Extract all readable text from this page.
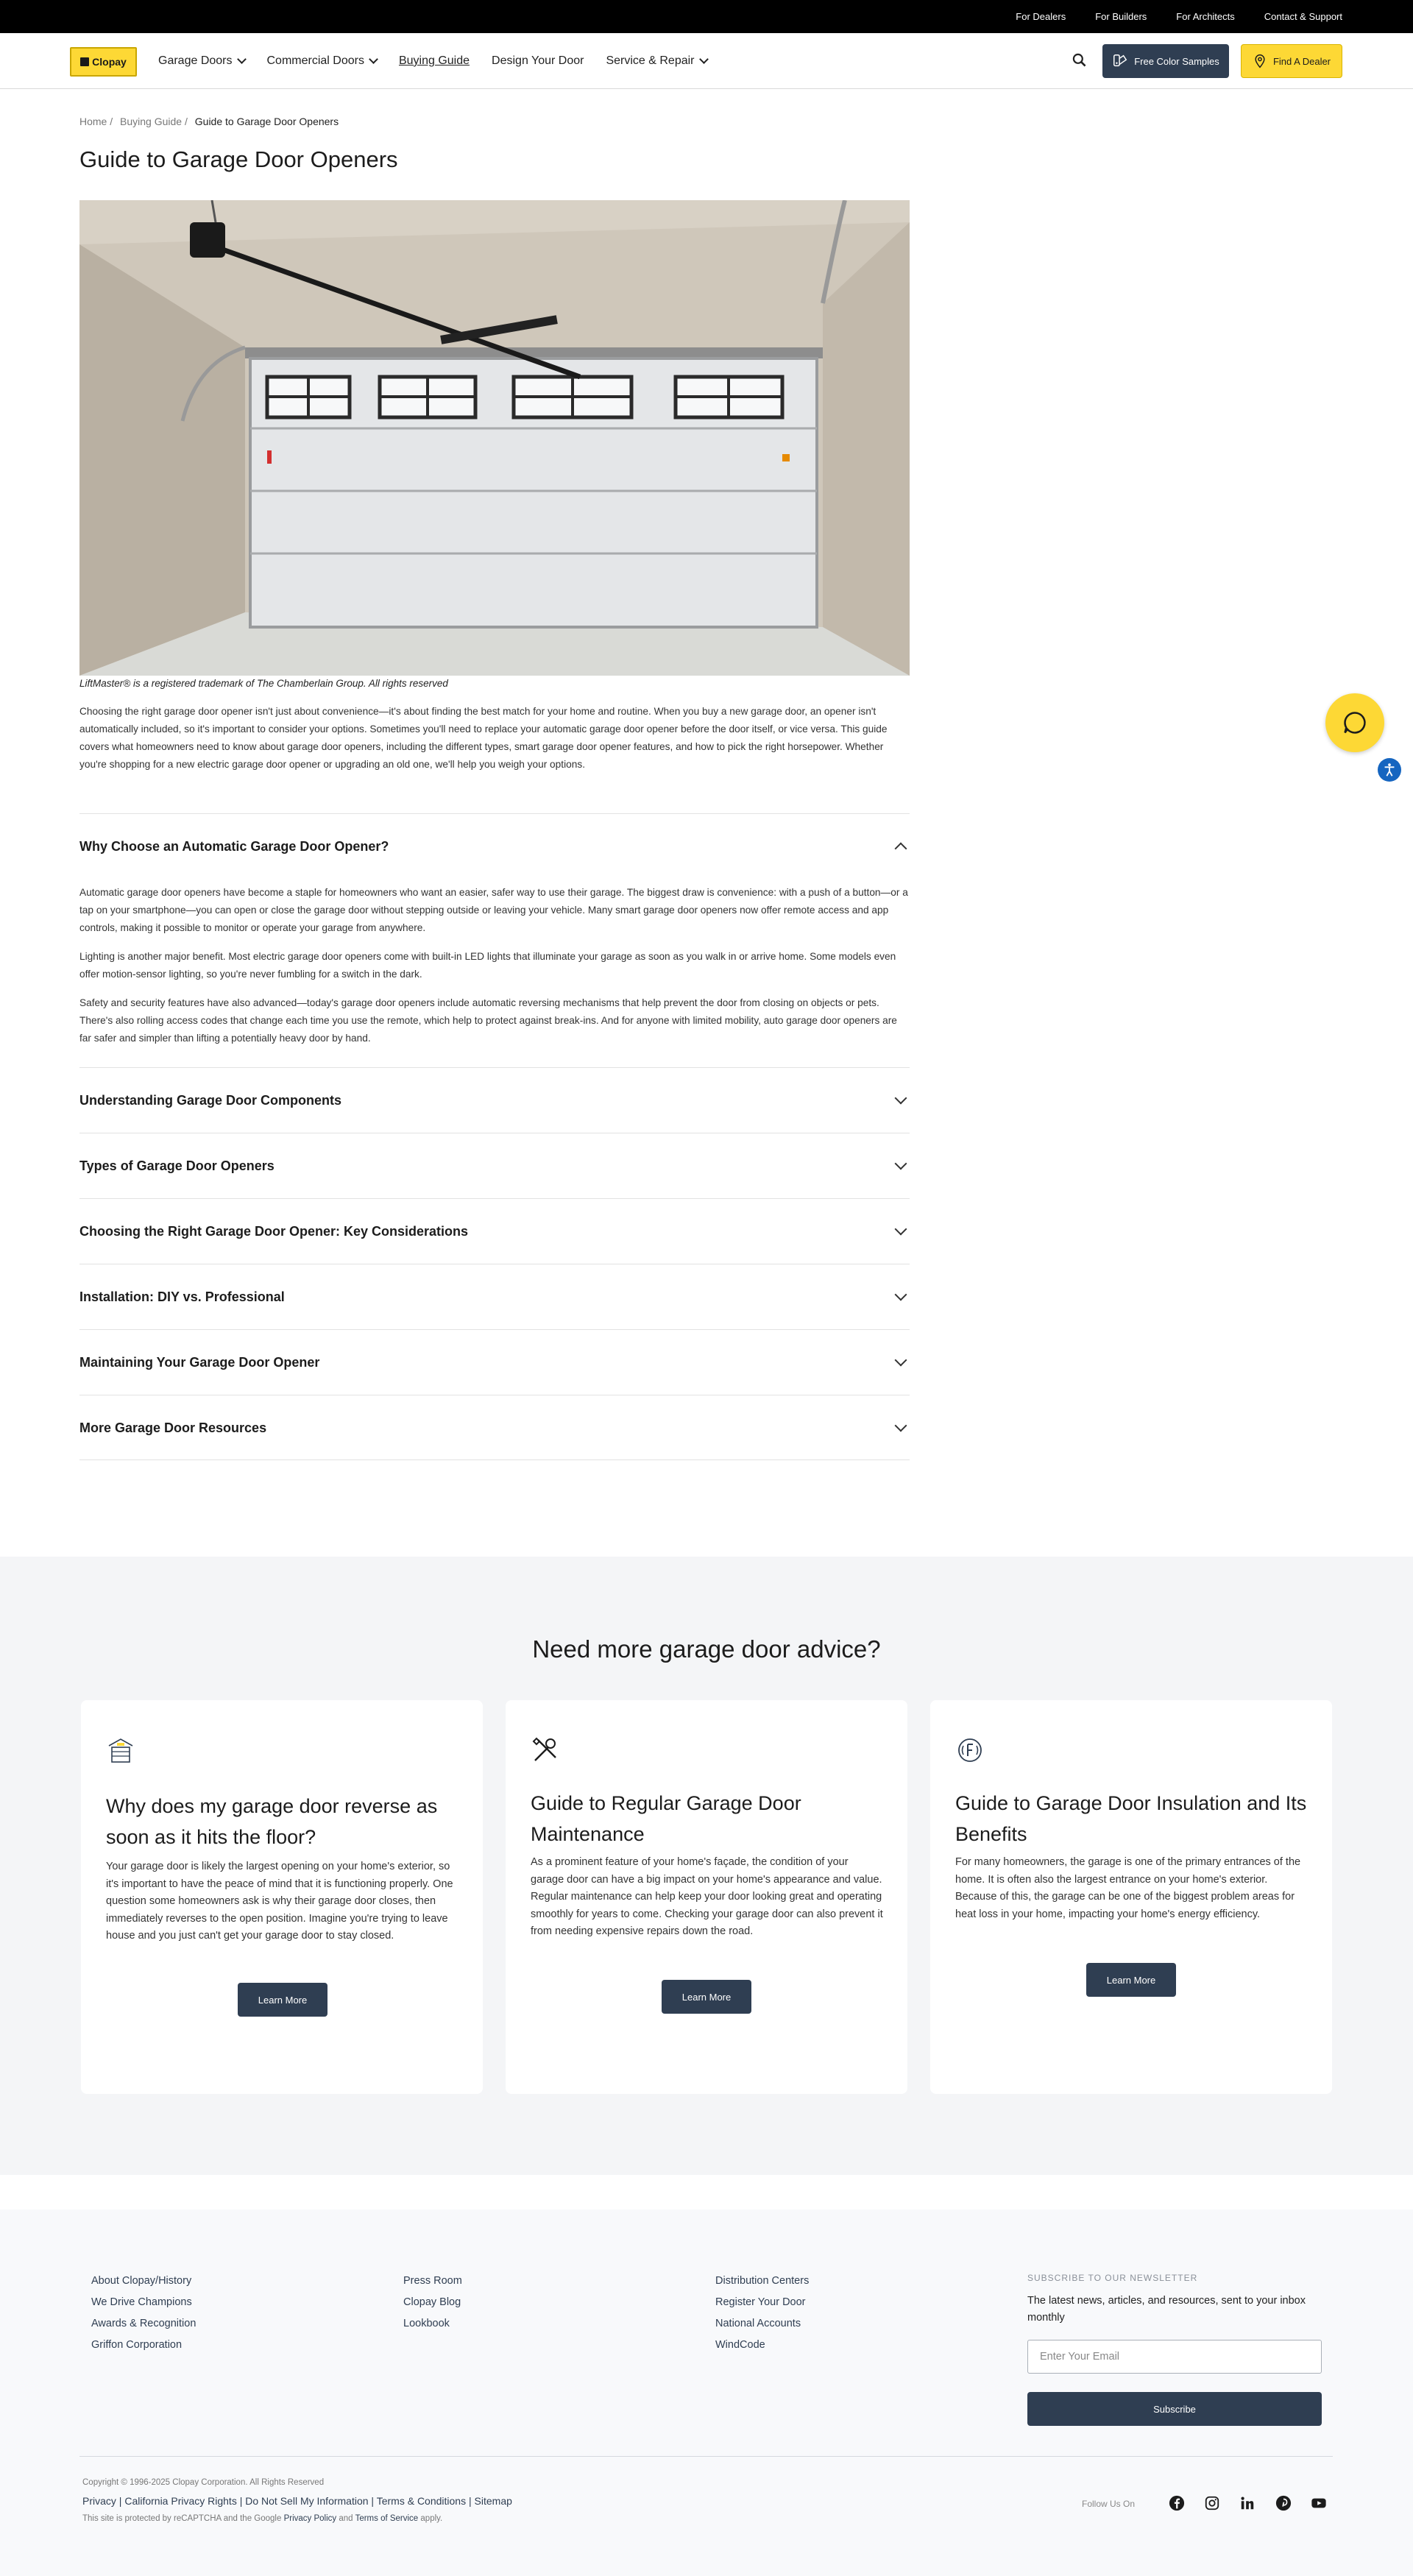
For Dealers	For Builders	For Architects	Contact & Support
Clopay	Garage Doors	Commercial Doors	Buying Guide Design Your Door Service & Repair	Free Color Samples	Find A Dealer
Home / Buying Guide / Guide to Garage Door Openers
Guide to Garage Door Openers

LiftMaster® is a registered trademark of The Chamberlain Group. All rights reserved

Choosing the right garage door opener isn't just about convenience—it's about finding the best match for your home and routine. When you buy a new garage door, an opener isn't automatically included, so it's important to consider your options. Sometimes you'll need to replace your automatic garage door opener before the door itself, or vice versa. This guide covers what homeowners need to know about garage door openers, including the different types, smart garage door opener features, and how to pick the right horsepower. Whether you're shopping for a new electric garage door opener or upgrading an old one, we'll help you weigh your options.

Why Choose an Automatic Garage Door Opener?

Automatic garage door openers have become a staple for homeowners who want an easier, safer way to use their garage. The biggest draw is convenience: with a push of a button—or a tap on your smartphone—you can open or close the garage door without stepping outside or leaving your vehicle. Many smart garage door openers now offer remote access and app controls, making it possible to monitor or operate your garage from anywhere.

Lighting is another major benefit. Most electric garage door openers come with built-in LED lights that illuminate your garage as soon as you walk in or arrive home. Some models even offer motion-sensor lighting, so you're never fumbling for a switch in the dark.

Safety and security features have also advanced—today's garage door openers include automatic reversing mechanisms that help prevent the door from closing on objects or pets. There's also rolling access codes that change each time you use the remote, which help to protect against break-ins. And for anyone with limited mobility, auto garage door openers are far safer and simpler than lifting a potentially heavy door by hand.

Understanding Garage Door Components
Types of Garage Door Openers
Choosing the Right Garage Door Opener: Key Considerations
Installation: DIY vs. Professional
Maintaining Your Garage Door Opener
More Garage Door Resources
Need more garage door advice?
Why does my garage door reverse as soon as it hits the floor?

Your garage door is likely the largest opening on your home's exterior, so it's important to have the peace of mind that it is functioning properly. One question some homeowners ask is why their garage door closes, then immediately reverses to the open position. Imagine you're trying to leave house and you just can't get your garage door to stay closed.

Learn More
Guide to Regular Garage Door Maintenance

As a prominent feature of your home's façade, the condition of your garage door can have a big impact on your home's appearance and value. Regular maintenance can help keep your door looking great and operating smoothly for years to come. Checking your garage door can also prevent it from needing expensive repairs down the road.

Learn More
Guide to Garage Door Insulation and Its Benefits

For many homeowners, the garage is one of the primary entrances of the home. It is often also the largest entrance on your home's exterior. Because of this, the garage can be one of the biggest problem areas for heat loss in your home, impacting your home's energy efficiency.

Learn More
About Clopay/History
We Drive Champions
Awards & Recognition
Griffon Corporation
Press Room
Clopay Blog
Lookbook
Distribution Centers
Register Your Door
National Accounts
WindCode
SUBSCRIBE TO OUR NEWSLETTER
The latest news, articles, and resources, sent to your inbox monthly
Enter Your Email
Subscribe
Copyright © 1996-2025 Clopay Corporation. All Rights Reserved
Privacy | California Privacy Rights | Do Not Sell My Information | Terms & Conditions | Sitemap
This site is protected by reCAPTCHA and the Google Privacy Policy and Terms of Service apply.
Follow Us On
